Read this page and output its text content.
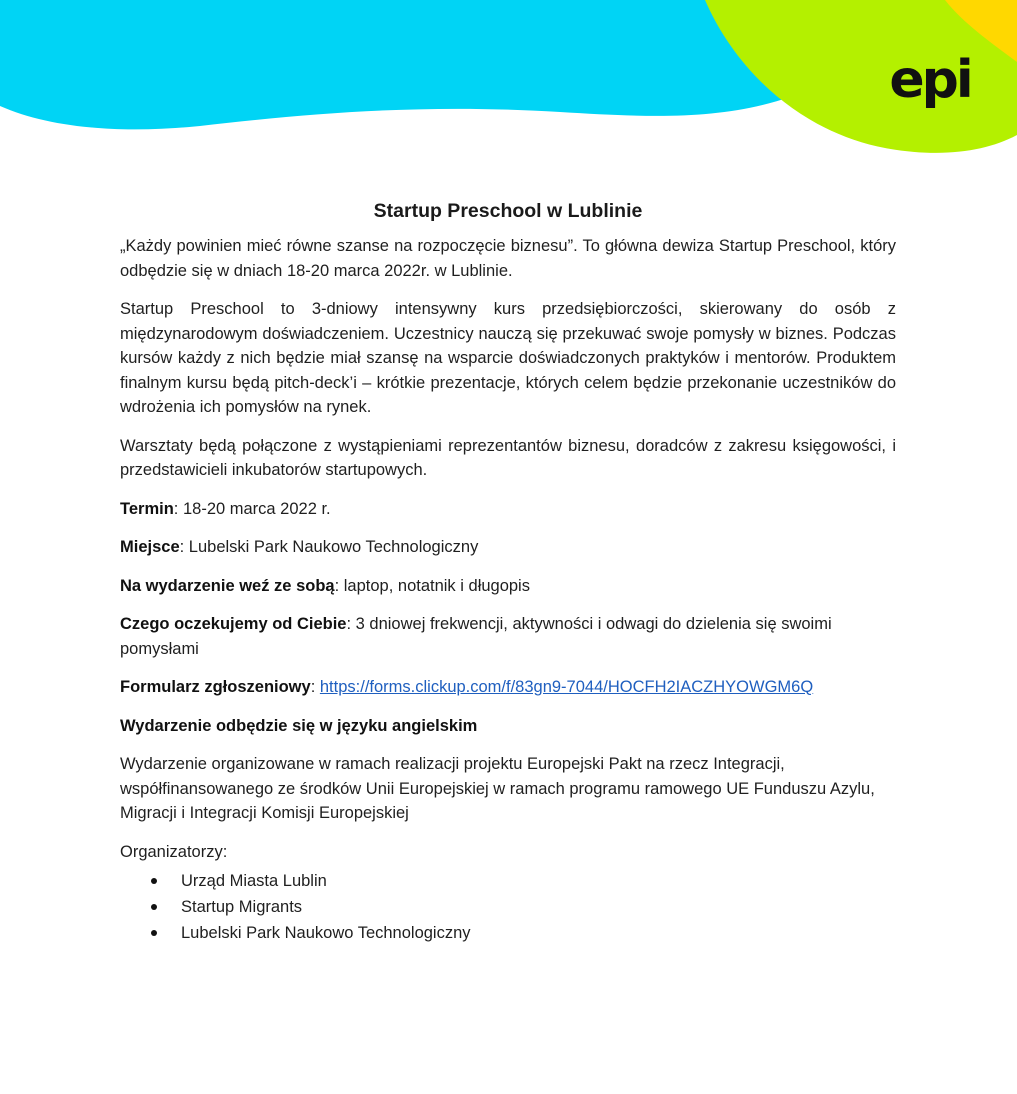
epi
Startup Preschool w Lublinie

„Każdy powinien mieć równe szanse na rozpoczęcie biznesu”. To główna dewiza Startup Preschool, który odbędzie się w dniach 18-20 marca 2022r. w Lublinie.

Startup Preschool to 3-dniowy intensywny kurs przedsiębiorczości, skierowany do osób z międzynarodowym doświadczeniem. Uczestnicy nauczą się przekuwać swoje pomysły w biznes. Podczas kursów każdy z nich będzie miał szansę na wsparcie doświadczonych praktyków i mentorów. Produktem finalnym kursu będą pitch-deck’i – krótkie prezentacje, których celem będzie przekonanie uczestników do wdrożenia ich pomysłów na rynek.

Warsztaty będą połączone z wystąpieniami reprezentantów biznesu, doradców z zakresu księgowości, i przedstawicieli inkubatorów startupowych.

Termin: 18-20 marca 2022 r.

Miejsce: Lubelski Park Naukowo Technologiczny

Na wydarzenie weź ze sobą: laptop, notatnik i długopis

Czego oczekujemy od Ciebie: 3 dniowej frekwencji, aktywności i odwagi do dzielenia się swoimi pomysłami

Formularz zgłoszeniowy: https://forms.clickup.com/f/83gn9-7044/HOCFH2IACZHYOWGM6Q

Wydarzenie odbędzie się w języku angielskim

Wydarzenie organizowane w ramach realizacji projektu Europejski Pakt na rzecz Integracji, współfinansowanego ze środków Unii Europejskiej w ramach programu ramowego UE Funduszu Azylu, Migracji i Integracji Komisji Europejskiej

Organizatorzy:

Urząd Miasta Lublin
Startup Migrants
Lubelski Park Naukowo Technologiczny
